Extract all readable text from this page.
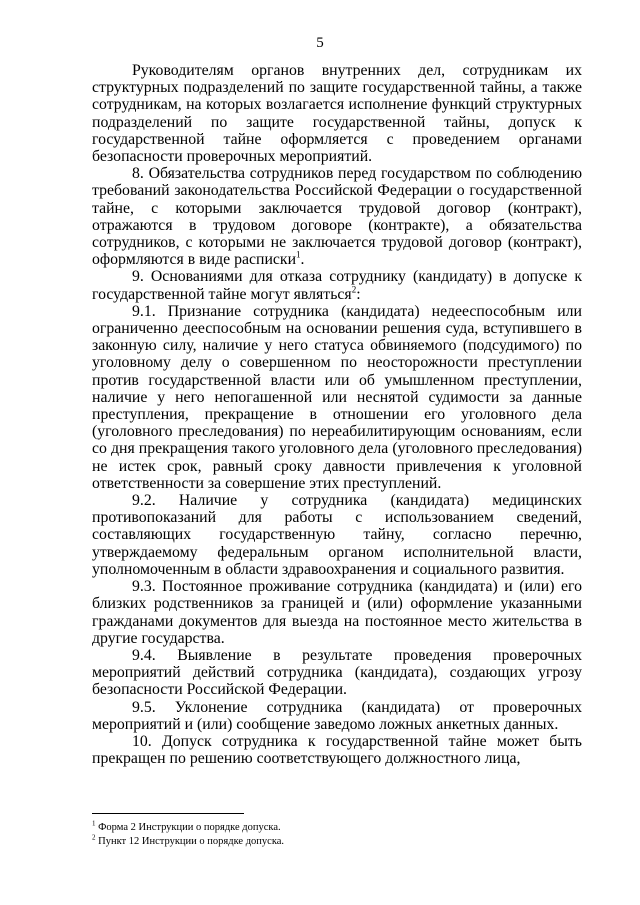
5

Руководителям органов внутренних дел, сотрудникам их структурных подразделений по защите государственной тайны, а также сотрудникам, на которых возлагается исполнение функций структурных подразделений по защите государственной тайны, допуск к государственной тайне оформляется с проведением органами безопасности проверочных мероприятий.

8. Обязательства сотрудников перед государством по соблюдению требований законодательства Российской Федерации о государственной тайне, с которыми заключается трудовой договор (контракт), отражаются в трудовом договоре (контракте), а обязательства сотрудников, с которыми не заключается трудовой договор (контракт), оформляются в виде расписки$^1$.

9. Основаниями для отказа сотруднику (кандидату) в допуске к государственной тайне могут являться$^2$:

9.1. Признание сотрудника (кандидата) недееспособным или ограниченно дееспособным на основании решения суда, вступившего в законную силу, наличие у него статуса обвиняемого (подсудимого) по уголовному делу о совершенном по неосторожности преступлении против государственной власти или об умышленном преступлении, наличие у него непогашенной или неснятой судимости за данные преступления, прекращение в отношении его уголовного дела (уголовного преследования) по нереабилитирующим основаниям, если со дня прекращения такого уголовного дела (уголовного преследования) не истек срок, равный сроку давности привлечения к уголовной ответственности за совершение этих преступлений.

9.2. Наличие у сотрудника (кандидата) медицинских противопоказаний для работы с использованием сведений, составляющих государственную тайну, согласно перечню, утверждаемому федеральным органом исполнительной власти, уполномоченным в области здравоохранения и социального развития.

9.3. Постоянное проживание сотрудника (кандидата) и (или) его близких родственников за границей и (или) оформление указанными гражданами документов для выезда на постоянное место жительства в другие государства.

9.4. Выявление в результате проведения проверочных мероприятий действий сотрудника (кандидата), создающих угрозу безопасности Российской Федерации.

9.5. Уклонение сотрудника (кандидата) от проверочных мероприятий и (или) сообщение заведомо ложных анкетных данных.

10. Допуск сотрудника к государственной тайне может быть прекращен по решению соответствующего должностного лица,

$^1$ Форма 2 Инструкции о порядке допуска.
$^2$ Пункт 12 Инструкции о порядке допуска.
